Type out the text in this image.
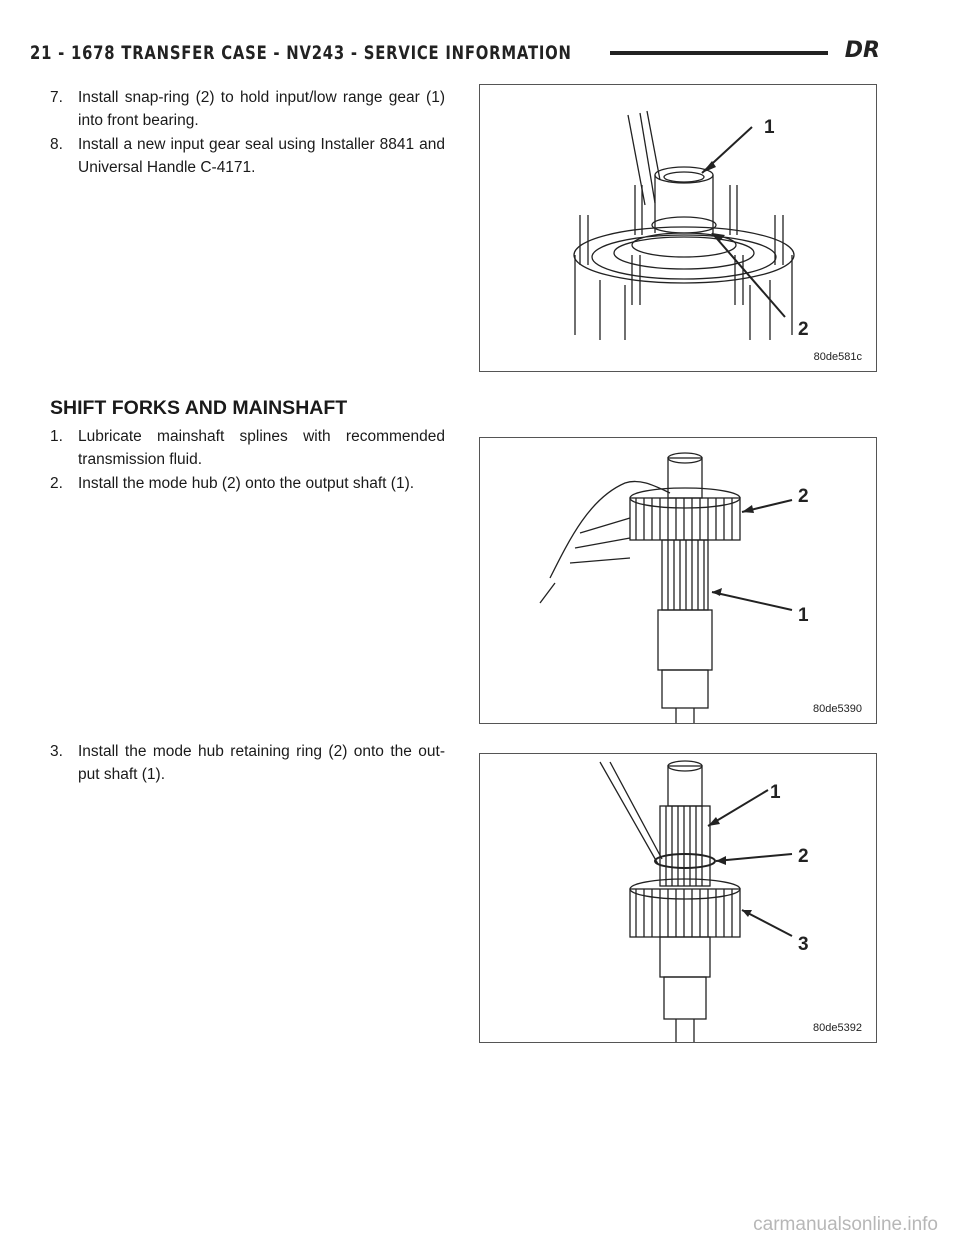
21 - 1678 TRANSFER CASE - NV243 - SERVICE INFORMATION	DR
7. Install snap-ring (2) to hold input/low range gear (1) into front bearing.
8. Install a new input gear seal using Installer 8841 and Universal Handle C-4171.
1
2
80de581c
SHIFT FORKS AND MAINSHAFT
1. Lubricate mainshaft splines with recommended transmission fluid.
2. Install the mode hub (2) onto the output shaft (1).
2
1
80de5390
3. Install the mode hub retaining ring (2) onto the out-put shaft (1).
1
2
3
80de5392
carmanualsonline.info
